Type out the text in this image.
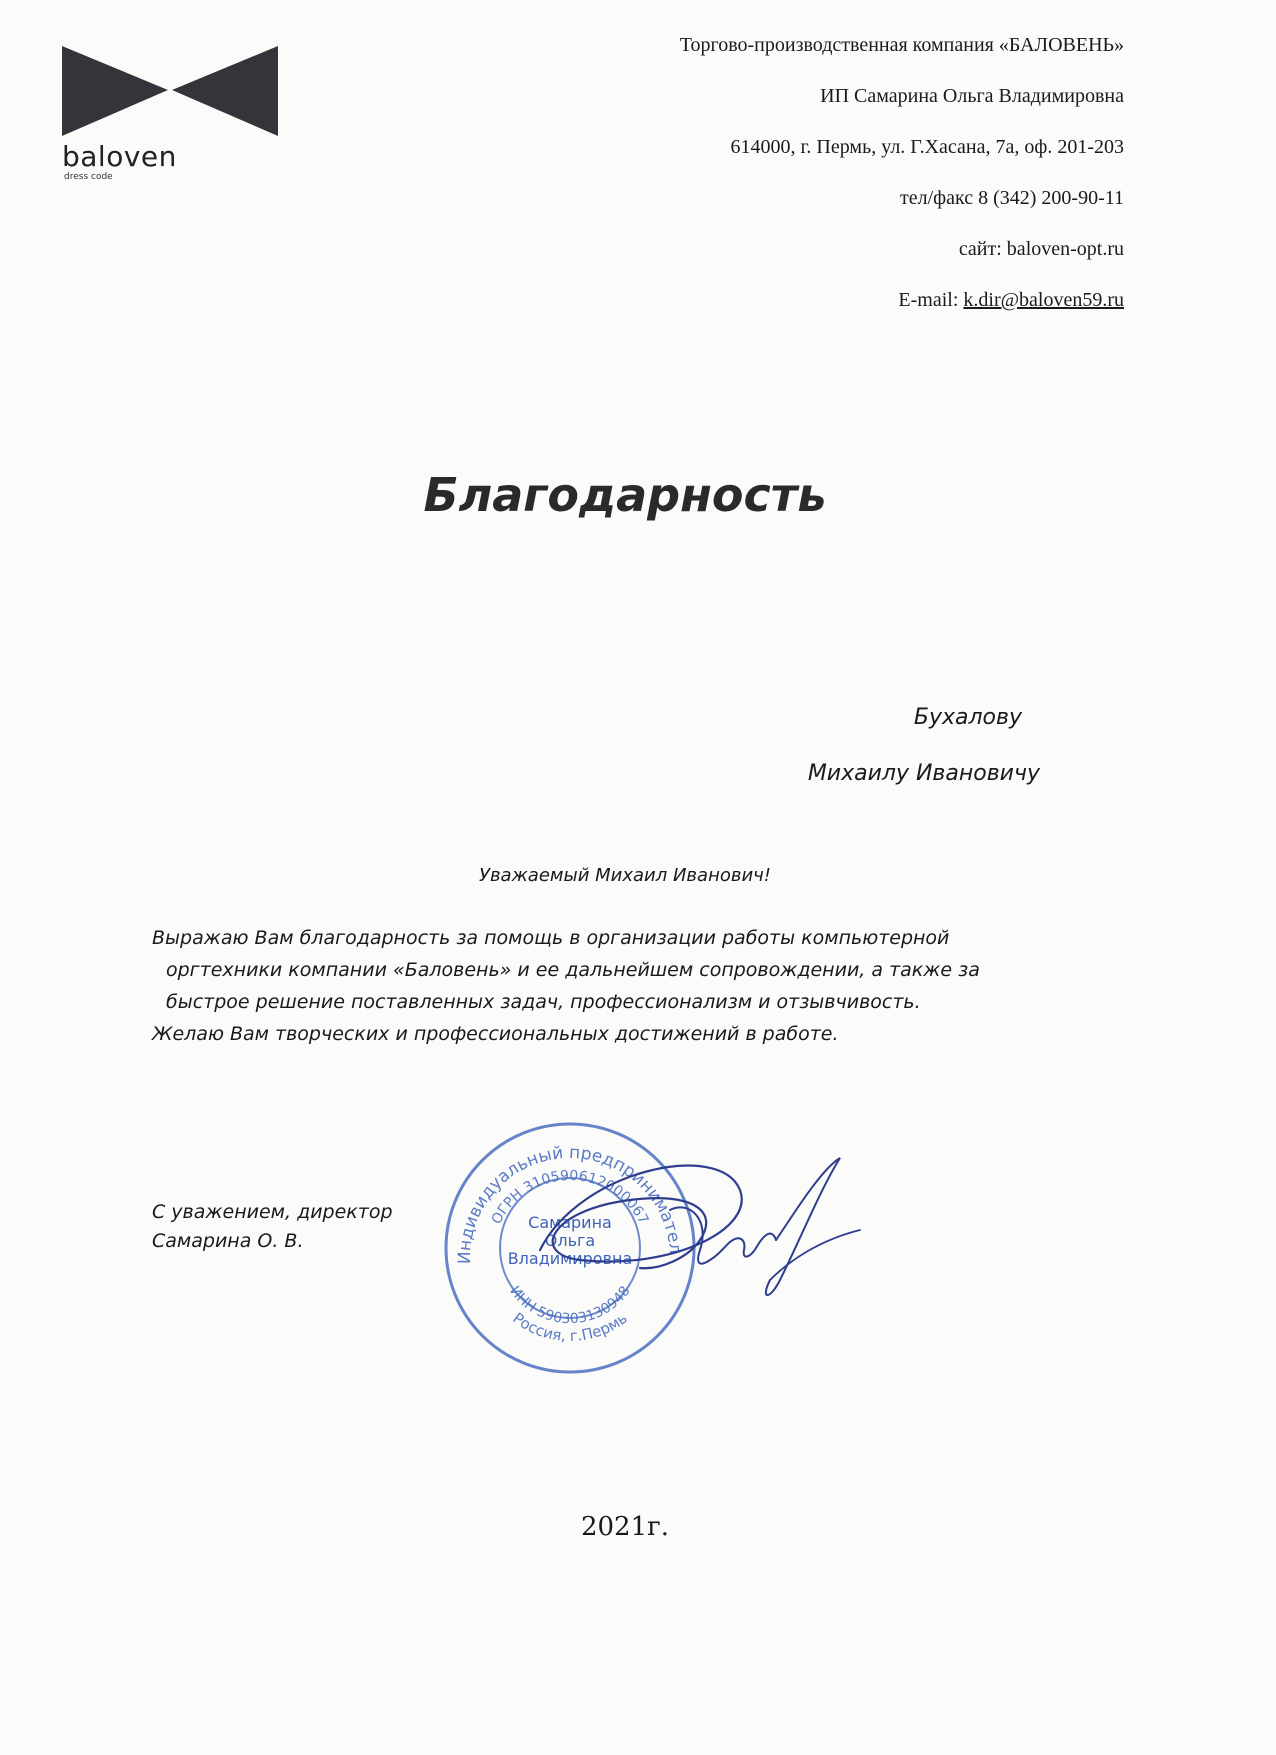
baloven
dress code
Торгово-производственная компания «БАЛОВЕНЬ»
ИП Самарина Ольга Владимировна
614000, г. Пермь, ул. Г.Хасана, 7а, оф. 201-203
тел/факс 8 (342) 200-90-11
сайт: baloven-opt.ru
E-mail: k.dir@baloven59.ru
Благодарность
Бухалову
Михаилу Ивановичу
Уважаемый Михаил Иванович!
Выражаю Вам благодарность за помощь в организации работы компьютерной
оргтехники компании «Баловень» и ее дальнейшем сопровождении, а также за
быстрое решение поставленных задач, профессионализм и отзывчивость.
Желаю Вам творческих и профессиональных достижений в работе.
С уважением, директор
Самарина О. В.
Индивидуальный предпринимател
ОГРН 310590612000067
ИНН 590303130948
Россия, г.Пермь
Самарина
Ольга
Владимировна
2021г.
